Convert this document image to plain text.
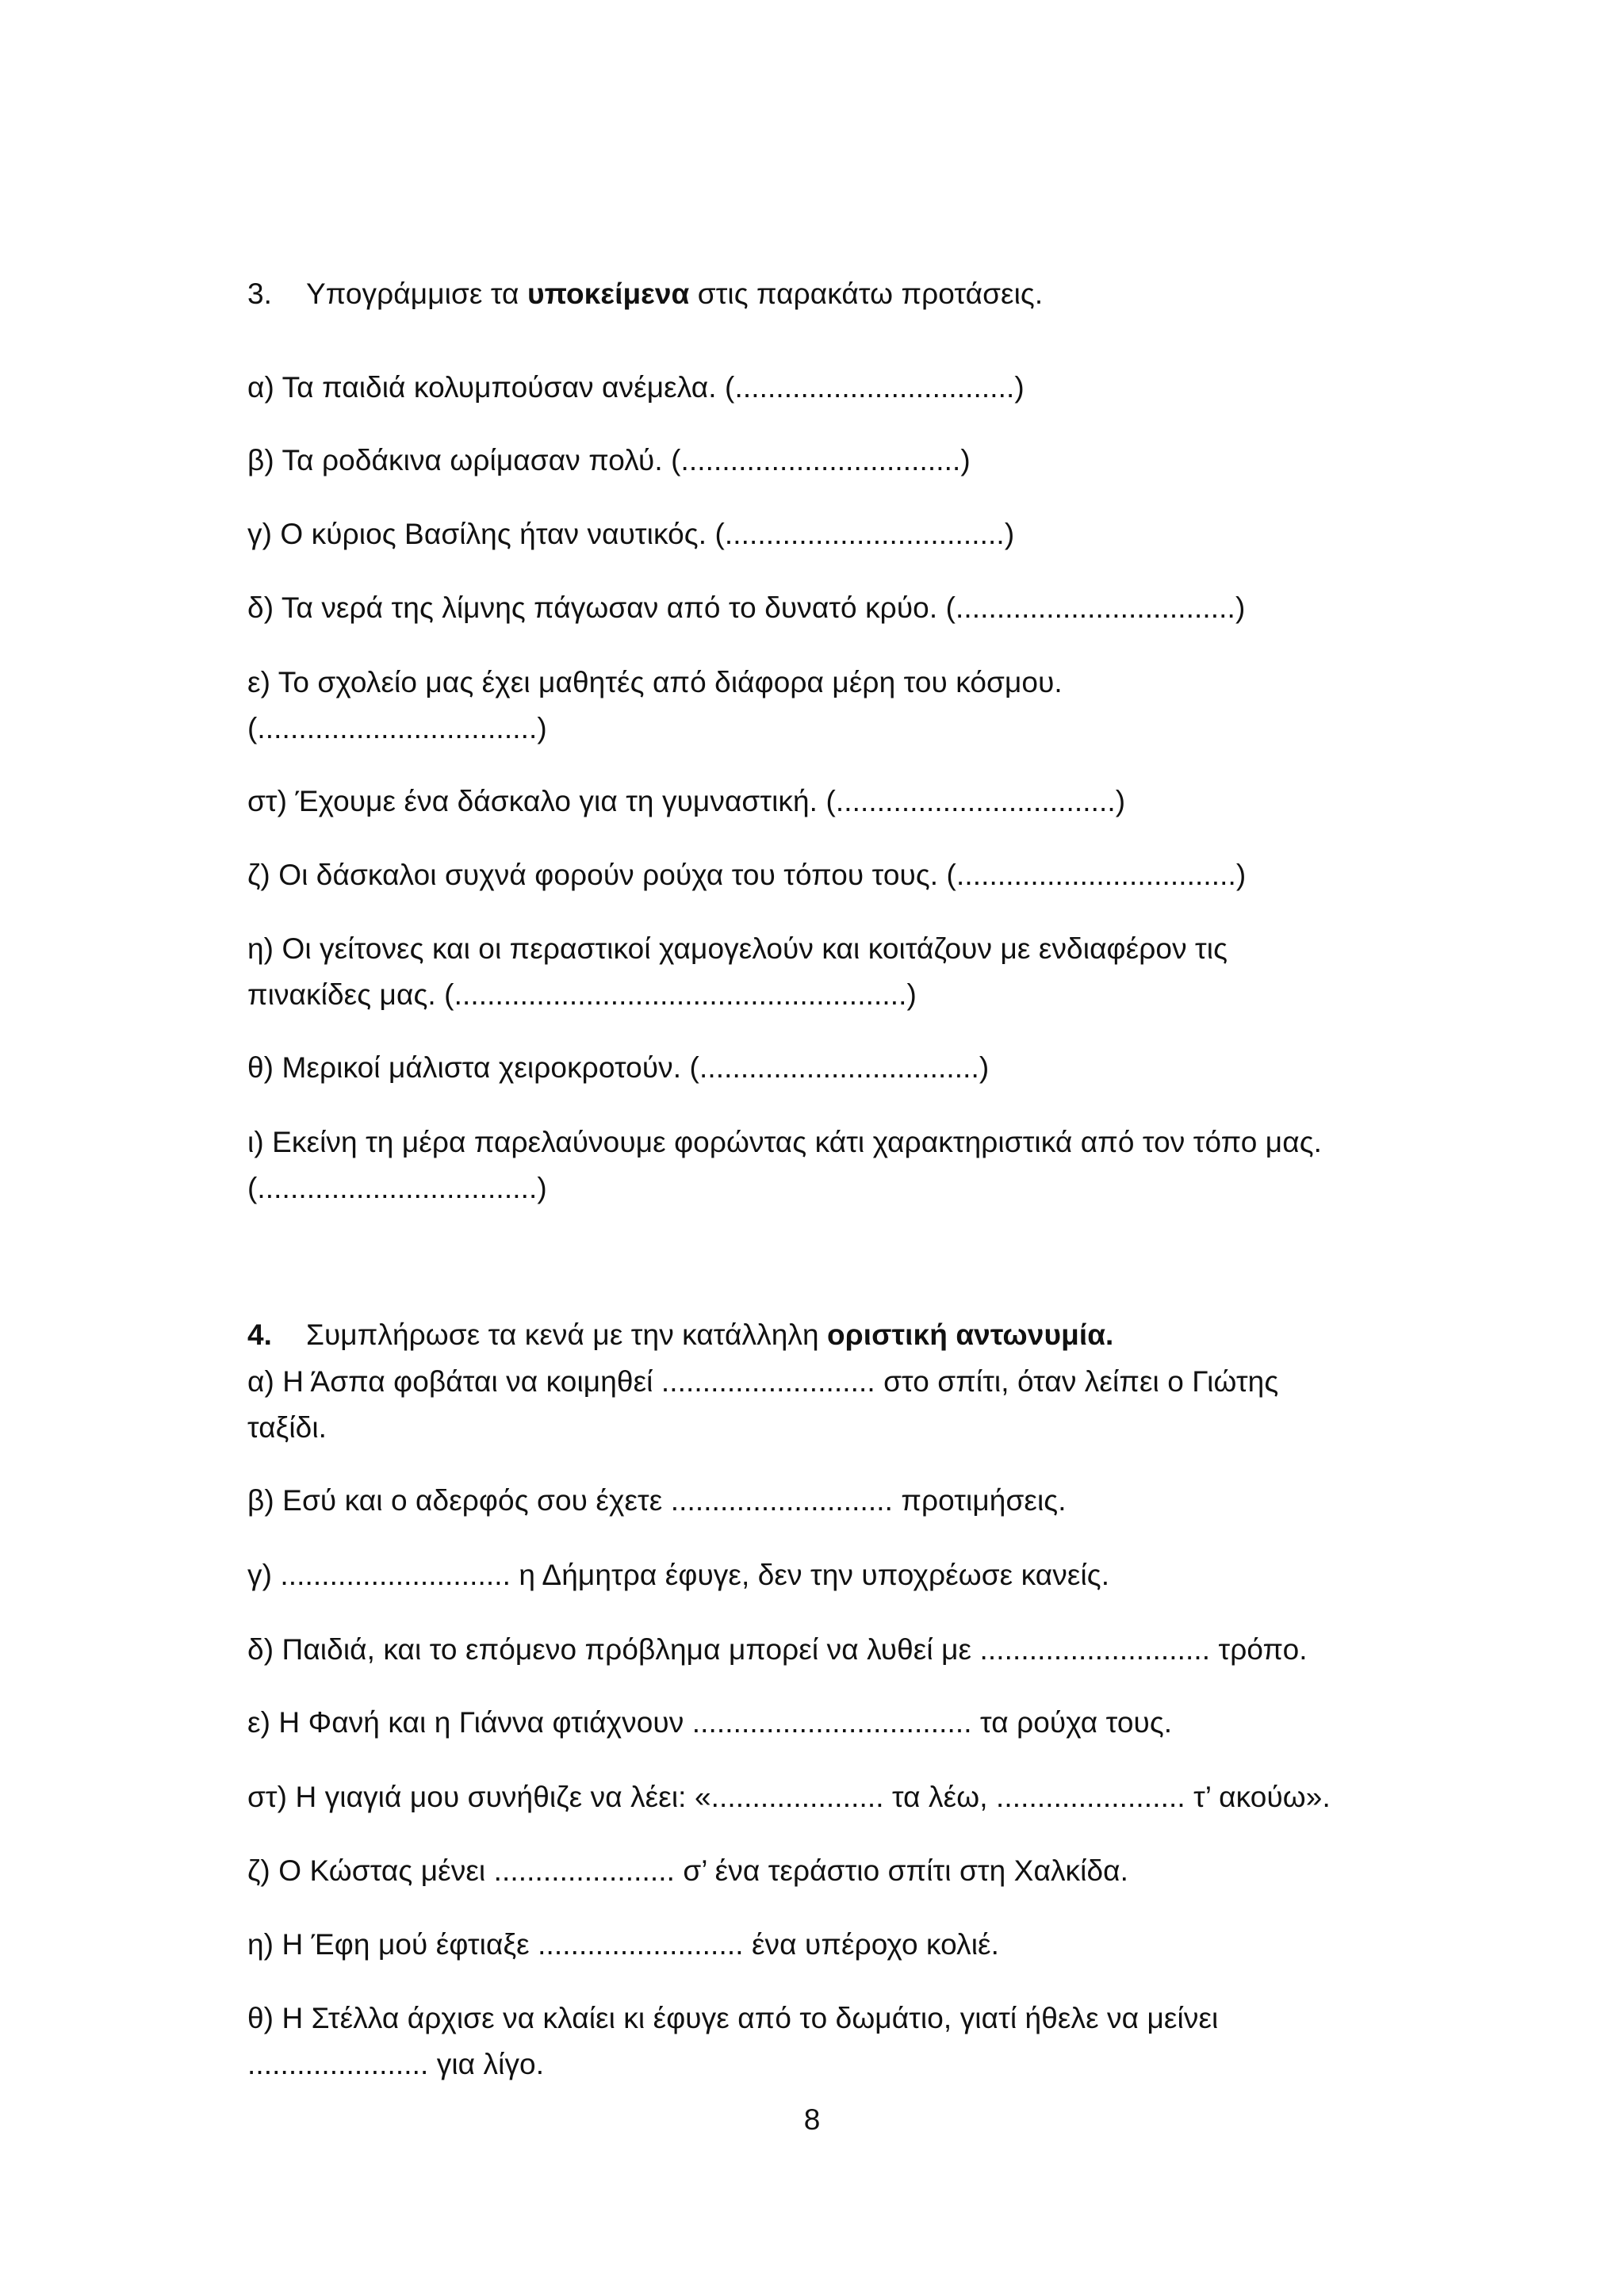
3. Υπογράμμισε τα υποκείμενα στις παρακάτω προτάσεις.
α) Τα παιδιά κολυμπούσαν ανέμελα. (..................................)
β) Τα ροδάκινα ωρίμασαν πολύ. (..................................)
γ) Ο κύριος Βασίλης ήταν ναυτικός. (..................................)
δ) Τα νερά της λίμνης πάγωσαν από το δυνατό κρύο. (..................................)
ε) Το σχολείο μας έχει μαθητές από διάφορα μέρη του κόσμου.
(..................................)
στ) Έχουμε ένα δάσκαλο για τη γυμναστική. (..................................)
ζ) Οι δάσκαλοι συχνά φορούν ρούχα του τόπου τους. (..................................)
η) Οι γείτονες και οι περαστικοί χαμογελούν και κοιτάζουν με ενδιαφέρον τις
πινακίδες μας. (.......................................................)
θ) Μερικοί μάλιστα χειροκροτούν. (..................................)
ι) Εκείνη τη μέρα παρελαύνουμε φορώντας κάτι χαρακτηριστικά από τον τόπο μας.
(..................................)
4. Συμπλήρωσε τα κενά με την κατάλληλη οριστική αντωνυμία.
α) Η Άσπα φοβάται να κοιμηθεί .......................... στο σπίτι, όταν λείπει ο Γιώτης
ταξίδι.
β) Εσύ και ο αδερφός σου έχετε ........................... προτιμήσεις.
γ) ............................ η Δήμητρα έφυγε, δεν την υποχρέωσε κανείς.
δ) Παιδιά, και το επόμενο πρόβλημα μπορεί να λυθεί με ............................ τρόπο.
ε) Η Φανή και η Γιάννα φτιάχνουν .................................. τα ρούχα τους.
στ) Η γιαγιά μου συνήθιζε να λέει: «..................... τα λέω, ....................... τ’ ακούω».
ζ) Ο Κώστας μένει ...................... σ’ ένα τεράστιο σπίτι στη Χαλκίδα.
η) Η Έφη μού έφτιαξε ......................... ένα υπέροχο κολιέ.
θ) Η Στέλλα άρχισε να κλαίει κι έφυγε από το δωμάτιο, γιατί ήθελε να μείνει
...................... για λίγο.
8
